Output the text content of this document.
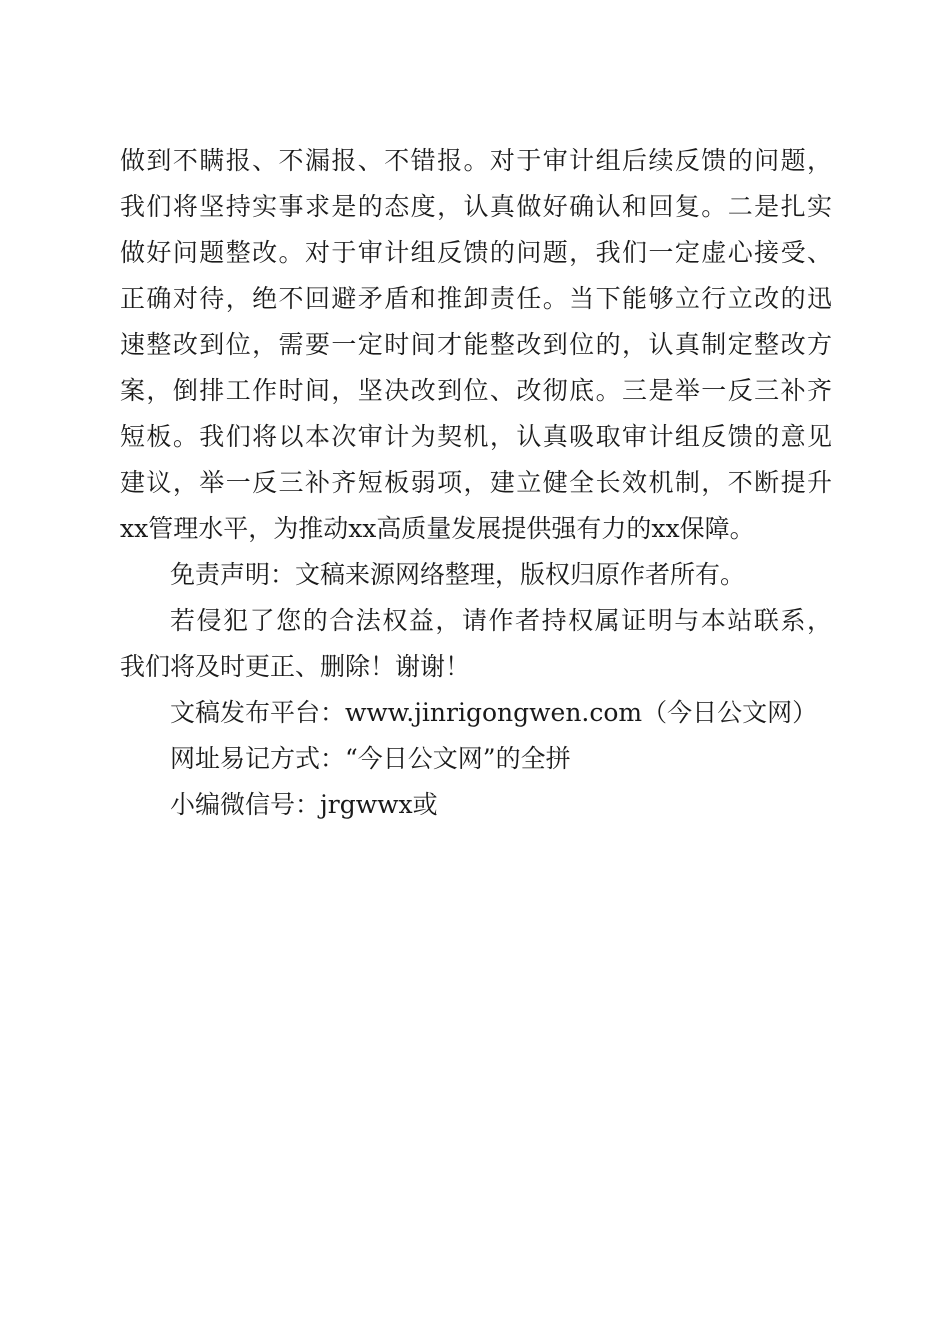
做到不瞒报、不漏报、不错报。对于审计组后续反馈的问题，
我们将坚持实事求是的态度，认真做好确认和回复。二是扎实
做好问题整改。对于审计组反馈的问题，我们一定虚心接受、
正确对待，绝不回避矛盾和推卸责任。当下能够立行立改的迅
速整改到位，需要一定时间才能整改到位的，认真制定整改方
案，倒排工作时间，坚决改到位、改彻底。三是举一反三补齐
短板。我们将以本次审计为契机，认真吸取审计组反馈的意见
建议，举一反三补齐短板弱项，建立健全长效机制，不断提升
xx管理水平，为推动xx高质量发展提供强有力的xx保障。
免责声明：文稿来源网络整理，版权归原作者所有。
若侵犯了您的合法权益，请作者持权属证明与本站联系，
我们将及时更正、删除！谢谢！
文稿发布平台：www.jinrigongwen.com（今日公文网）
网址易记方式：“今日公文网”的全拼
小编微信号：jrgwwx或
